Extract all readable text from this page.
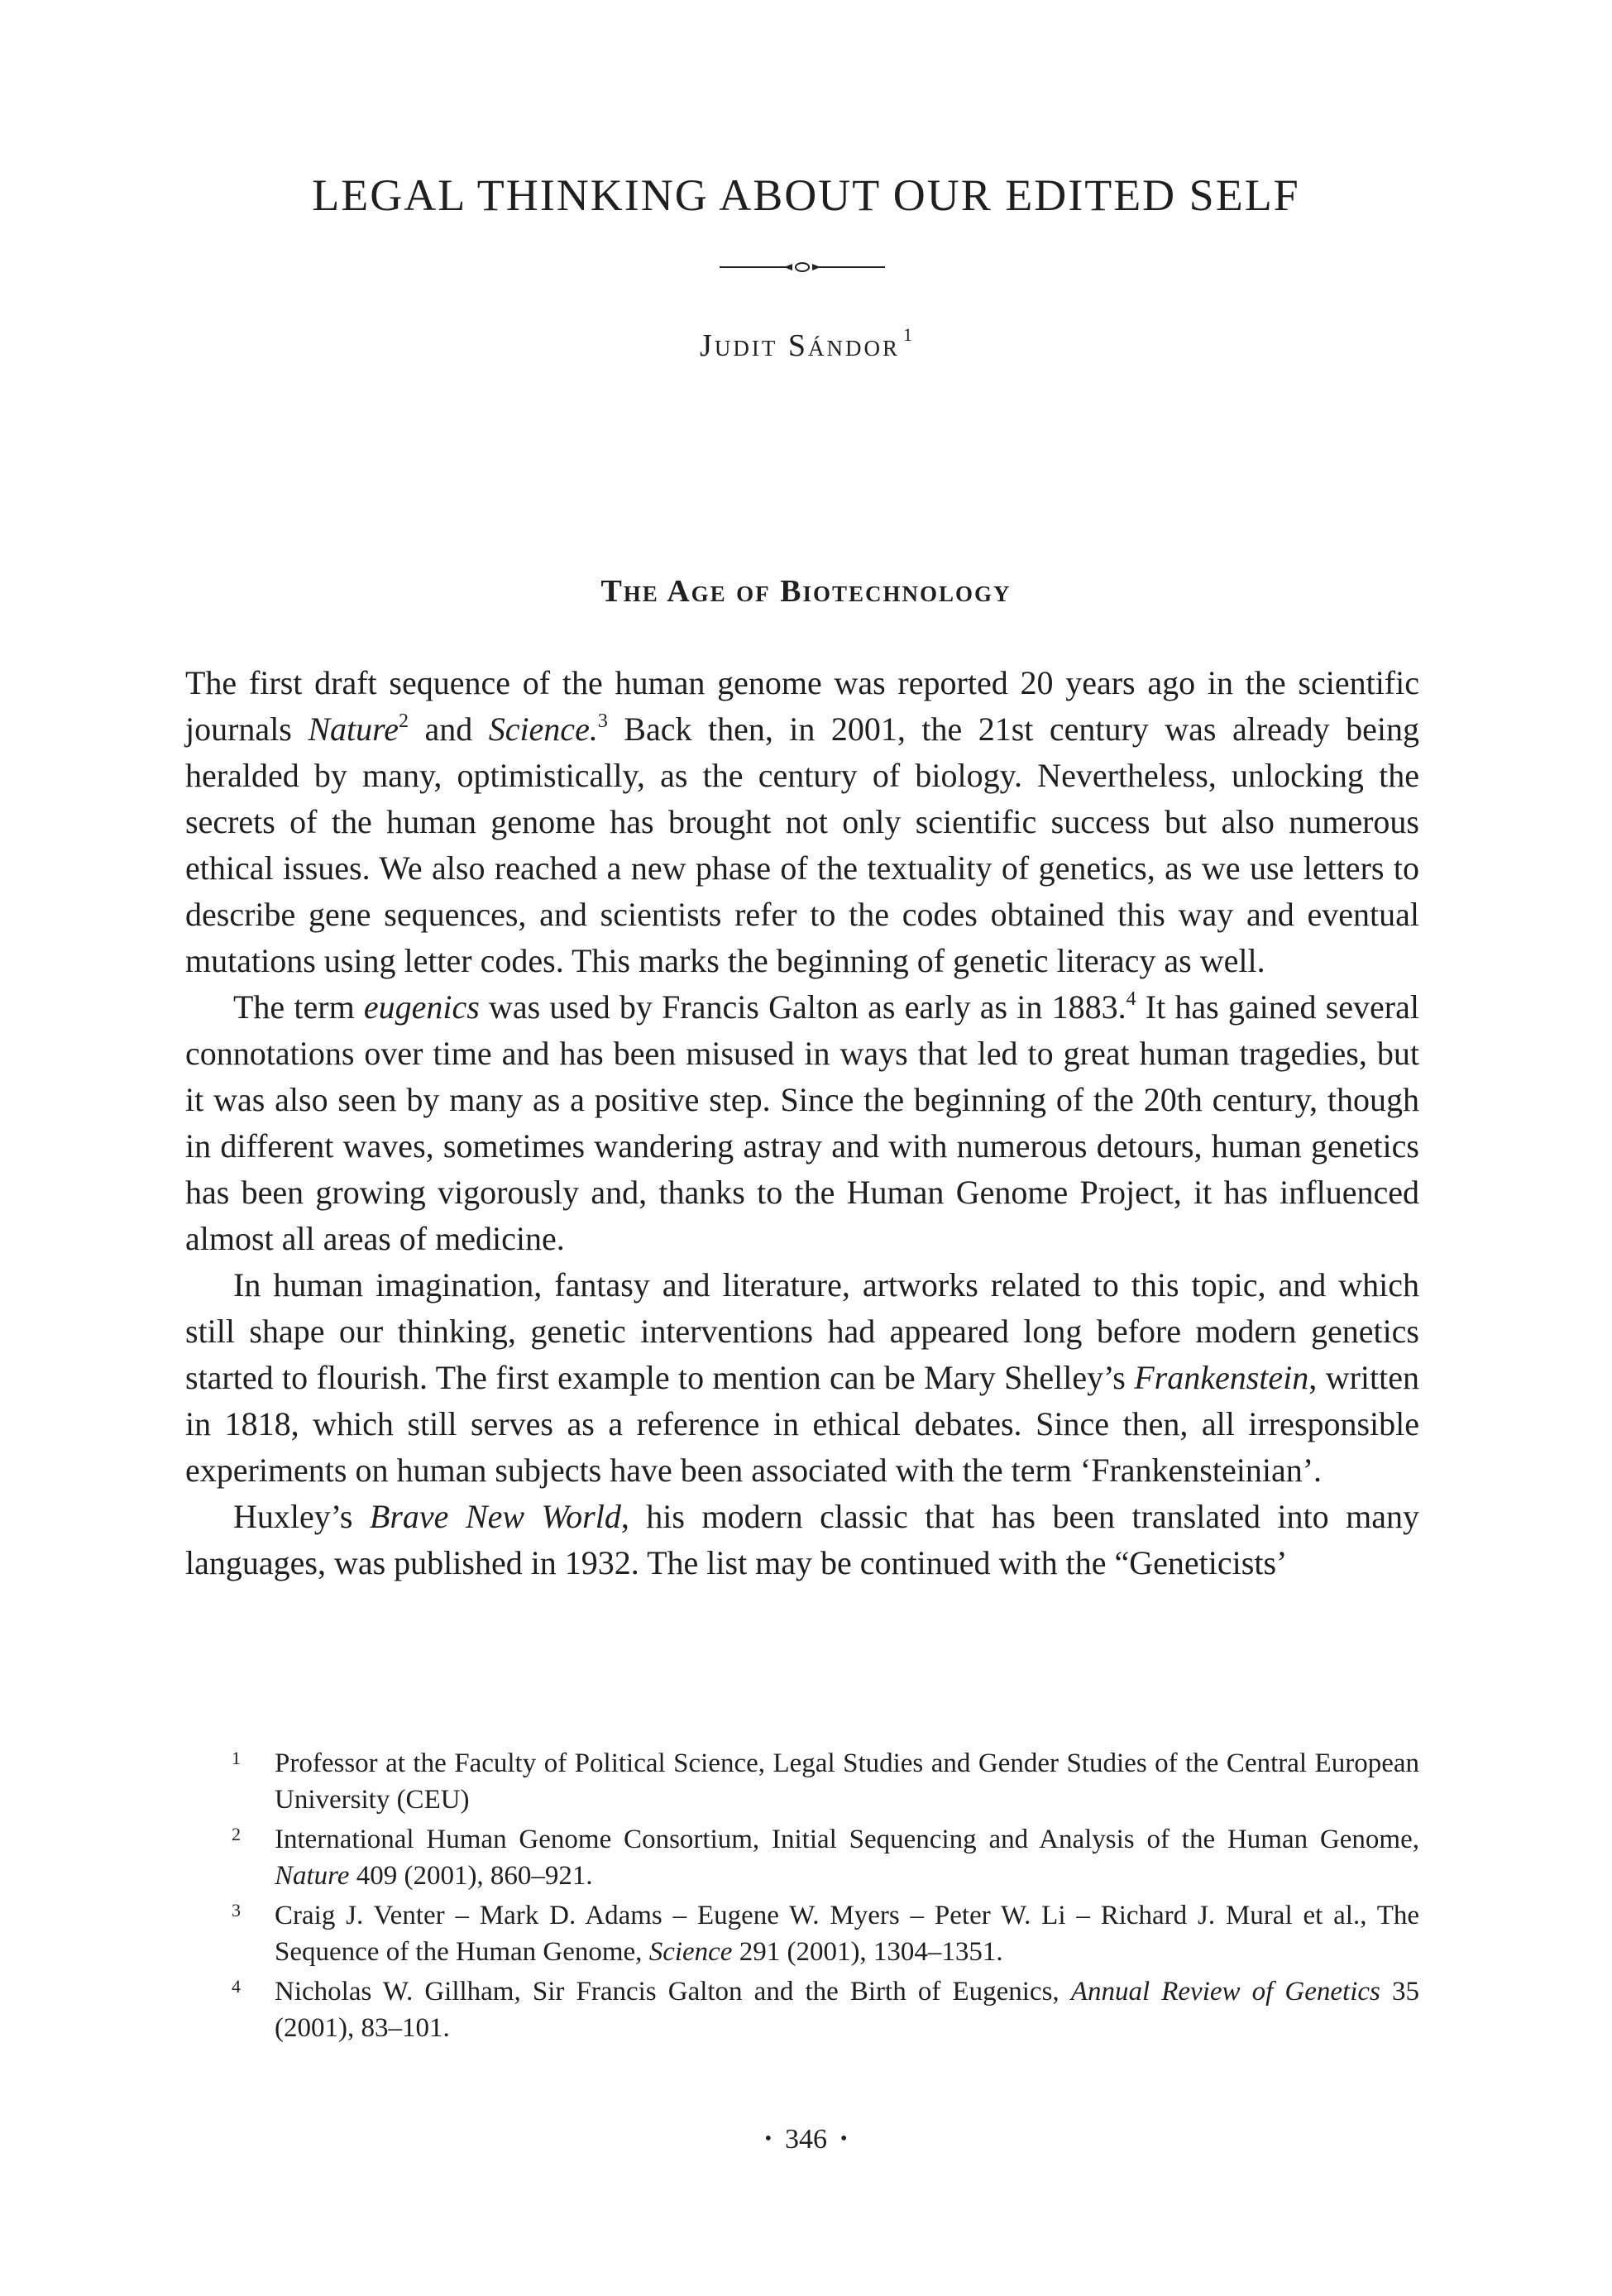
LEGAL THINKING ABOUT OUR EDITED SELF
Judit Sándor $^1$
The Age of Biotechnology

The first draft sequence of the human genome was reported 20 years ago in the scientific journals Nature$^2$ and Science.$^3$ Back then, in 2001, the 21st century was already being heralded by many, optimistically, as the century of biology. Nevertheless, unlocking the secrets of the human genome has brought not only scientific success but also numerous ethical issues. We also reached a new phase of the textuality of genetics, as we use letters to describe gene sequences, and scientists refer to the codes obtained this way and eventual mutations using letter codes. This marks the beginning of genetic literacy as well.

The term eugenics was used by Francis Galton as early as in 1883.$^4$ It has gained several connotations over time and has been misused in ways that led to great human tragedies, but it was also seen by many as a positive step. Since the beginning of the 20th century, though in different waves, sometimes wandering astray and with numerous detours, human genetics has been growing vigorously and, thanks to the Human Genome Project, it has influenced almost all areas of medicine.

In human imagination, fantasy and literature, artworks related to this topic, and which still shape our thinking, genetic interventions had appeared long before modern genetics started to flourish. The first example to mention can be Mary Shelley’s Frankenstein, written in 1818, which still serves as a reference in ethical debates. Since then, all irresponsible experiments on human subjects have been associated with the term ‘Frankensteinian’.

Huxley’s Brave New World, his modern classic that has been translated into many languages, was published in 1932. The list may be continued with the “Geneticists’

1 Professor at the Faculty of Political Science, Legal Studies and Gender Studies of the Central European University (CEU)
2 International Human Genome Consortium, Initial Sequencing and Analysis of the Human Genome, Nature 409 (2001), 860–921.
3 Craig J. Venter – Mark D. Adams – Eugene W. Myers – Peter W. Li – Richard J. Mural et al., The Sequence of the Human Genome, Science 291 (2001), 1304–1351.
4 Nicholas W. Gillham, Sir Francis Galton and the Birth of Eugenics, Annual Review of Genetics 35 (2001), 83–101.
• 346 •
